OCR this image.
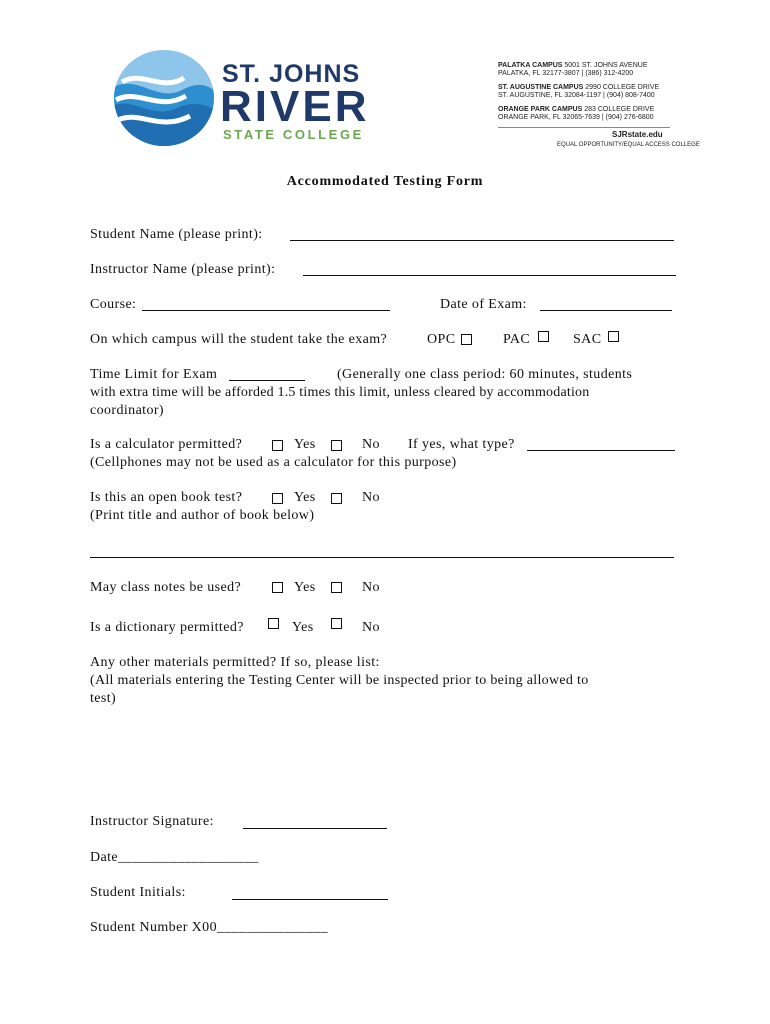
ST. JOHNS
RIVER
STATE COLLEGE
PALATKA CAMPUS 5001 ST. JOHNS AVENUE
PALATKA, FL 32177-3807 | (386) 312-4200
ST. AUGUSTINE CAMPUS 2990 COLLEGE DRIVE
ST. AUGUSTINE, FL 32084-1197 | (904) 808-7400
ORANGE PARK CAMPUS 283 COLLEGE DRIVE
ORANGE PARK, FL 32065-7639 | (904) 276-6800
SJRstate.edu
EQUAL OPPORTUNITY/EQUAL ACCESS COLLEGE
Accommodated Testing Form
Student Name (please print):
Instructor Name (please print):
Course:	Date of Exam:
On which campus will the student take the exam?	OPC	PAC	SAC
Time Limit for Exam	(Generally one class period: 60 minutes, students
with extra time will be afforded 1.5 times this limit, unless cleared by accommodation
coordinator)
Is a calculator permitted?	Yes	No If yes, what type?
(Cellphones may not be used as a calculator for this purpose)
Is this an open book test?	Yes	No
(Print title and author of book below)
May class notes be used?	Yes	No
Is a dictionary permitted?	Yes	No
Any other materials permitted? If so, please list:
(All materials entering the Testing Center will be inspected prior to being allowed to
test)
Instructor Signature:
Date___________________
Student Initials:
Student Number X00_______________
